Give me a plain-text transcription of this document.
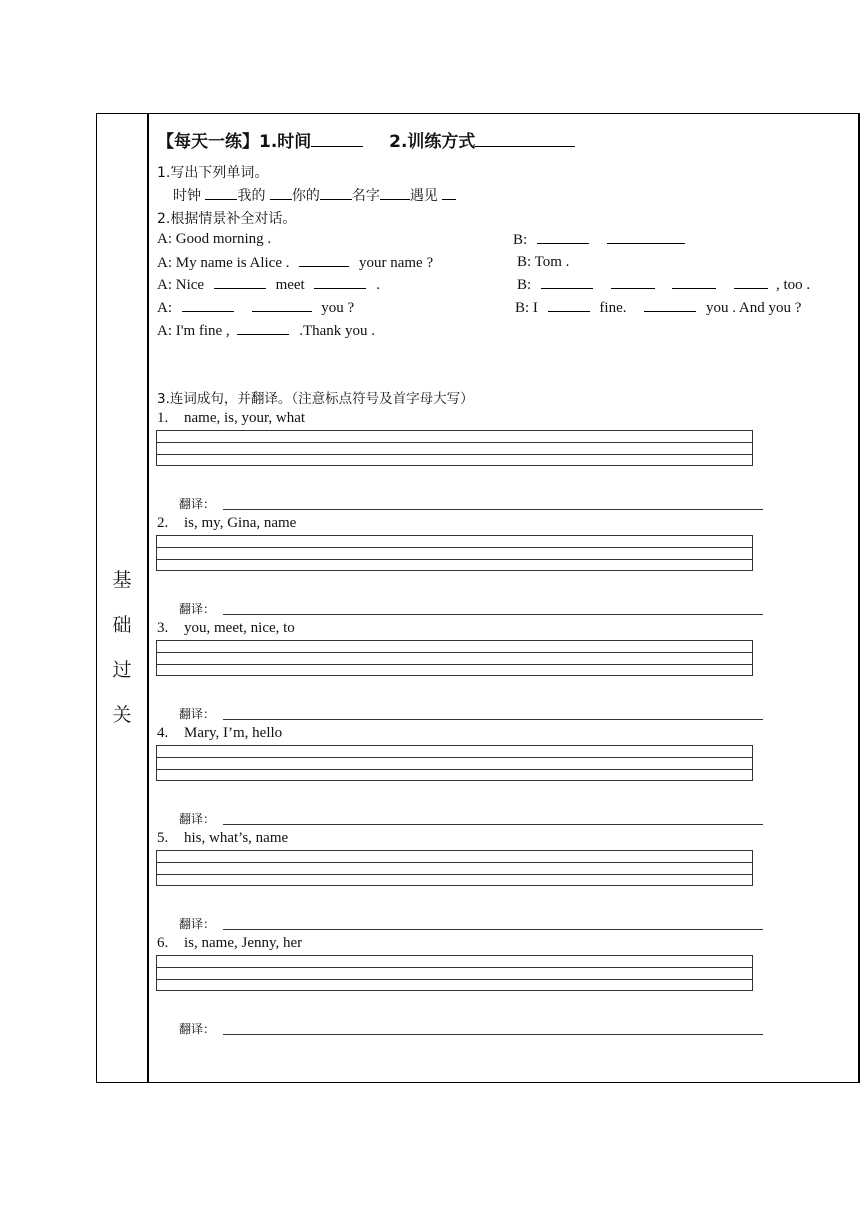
基
础
过
关
【每天一练】1.时间	2.训练方式
1.写出下列单词。
时钟	我的 你的 名字 遇见
2.根据情景补全对话。
A: Good morning .	B:
A: My name is Alice .	your name ?	B: Tom .
A: Nice	meet	.	B:	, too .
A:	you ?	B: I	fine.	you . And you ?
A: I'm fine ,	.Thank you .
3.连词成句，并翻译。（注意标点符号及首字母大写）
1. name, is, your, what
翻译：
2. is, my, Gina, name
翻译：
3. you, meet, nice, to
翻译：
4. Mary, I’m, hello
翻译：
5. his, what’s, name
翻译：
6. is, name, Jenny, her
翻译：
